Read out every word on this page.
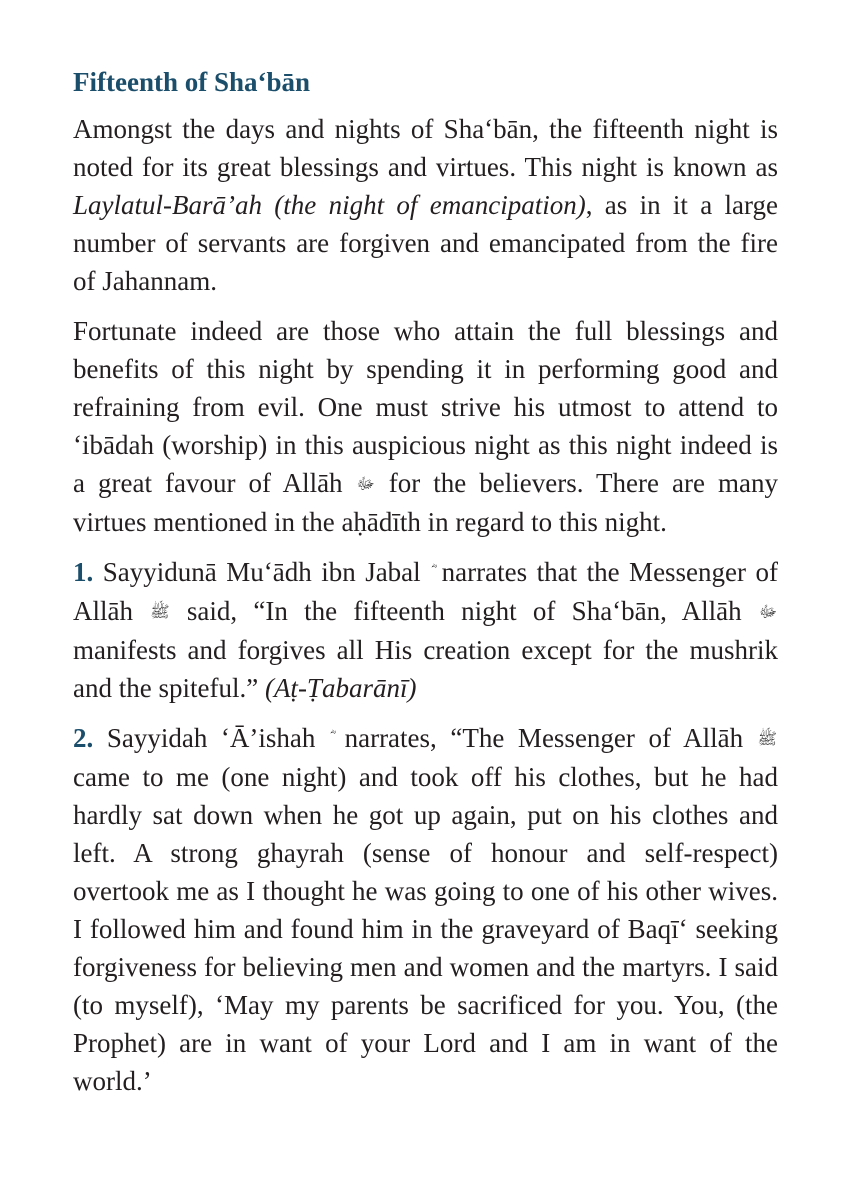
Fifteenth of Sha‘bān

Amongst the days and nights of Sha‘bān, the fifteenth night is noted for its great blessings and virtues. This night is known as Laylatul-Barā’ah (the night of emancipation), as in it a large number of servants are forgiven and emancipated from the fire of Jahannam.

Fortunate indeed are those who attain the full blessings and benefits of this night by spending it in performing good and refraining from evil. One must strive his utmost to attend to ‘ibādah (worship) in this auspicious night as this night indeed is a great favour of Allāh ﷻ for the believers. There are many virtues mentioned in the aḥādīth in regard to this night.

1. Sayyidunā Mu‘ādh ibn Jabal narrates that the Messenger of Allāh ﷺ said, “In the fifteenth night of Sha‘bān, Allāh ﷻ manifests and forgives all His creation except for the mushrik and the spiteful.” (Aṭ-Ṭabarānī)

2. Sayyidah ‘Ā’ishah narrates, “The Messenger of Allāh ﷺ came to me (one night) and took off his clothes, but he had hardly sat down when he got up again, put on his clothes and left. A strong ghayrah (sense of honour and self-respect) overtook me as I thought he was going to one of his other wives. I followed him and found him in the graveyard of Baqī‘ seeking forgiveness for believing men and women and the martyrs. I said (to myself), ‘May my parents be sacrificed for you. You, (the Prophet) are in want of your Lord and I am in want of the world.’
